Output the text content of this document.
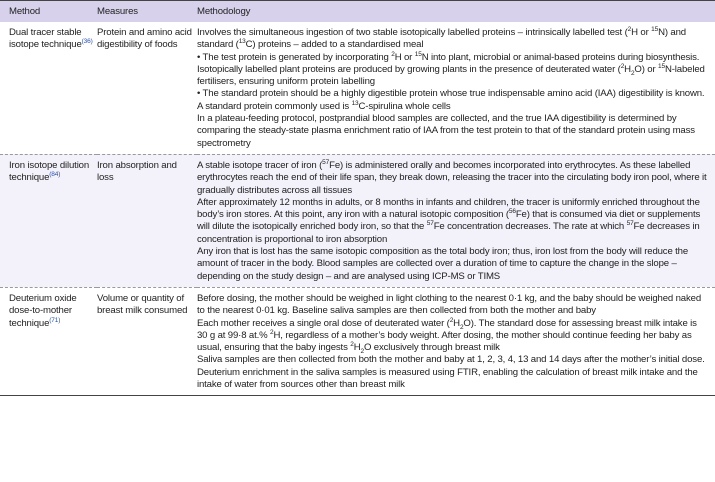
Method	Measures	Methodology
Dual tracer stable isotope technique$^{(36)}$	Protein and amino acid digestibility of foods	Involves the simultaneous ingestion of two stable isotopically labelled proteins – intrinsically labelled test ($^2$H or $^{15}$N) and standard ($^{13}$C) proteins – added to a standardised meal

• The test protein is generated by incorporating $^2$H or $^{15}$N into plant, microbial or animal-based proteins during biosynthesis. Isotopically labelled plant proteins are produced by growing plants in the presence of deuterated water $(^2H_2O)$ or $^{15}$N-labeled fertilisers, ensuring uniform protein labelling

• The standard protein should be a highly digestible protein whose true indispensable amino acid (IAA) digestibility is known. A standard protein commonly used is $^{13}$C-spirulina whole cells

In a plateau-feeding protocol, postprandial blood samples are collected, and the true IAA digestibility is determined by comparing the steady-state plasma enrichment ratio of IAA from the test protein to that of the standard protein using mass spectrometry

Iron isotope dilution technique$^{(84)}$	Iron absorption and loss	A stable isotope tracer of iron ($^{57}$Fe) is administered orally and becomes incorporated into erythrocytes. As these labelled erythrocytes reach the end of their life span, they break down, releasing the tracer into the circulating body iron pool, where it gradually distributes across all tissues

After approximately 12 months in adults, or 8 months in infants and children, the tracer is uniformly enriched throughout the body’s iron stores. At this point, any iron with a natural isotopic composition ($^{56}$Fe) that is consumed via diet or supplements will dilute the isotopically enriched body iron, so that the $^{57}$Fe concentration decreases. The rate at which $^{57}$Fe decreases in concentration is proportional to iron absorption

Any iron that is lost has the same isotopic composition as the total body iron; thus, iron lost from the body will reduce the amount of tracer in the body. Blood samples are collected over a duration of time to capture the change in the slope – depending on the study design – and are analysed using ICP-MS or TIMS

Deuterium oxide dose-to-mother technique$^{(71)}$	Volume or quantity of breast milk consumed	Before dosing, the mother should be weighed in light clothing to the nearest 0·1 kg, and the baby should be weighed naked to the nearest 0·01 kg. Baseline saliva samples are then collected from both the mother and baby

Each mother receives a single oral dose of deuterated water $(^2H_2O)$. The standard dose for assessing breast milk intake is 30 g at 99·8 at.% $^2$H, regardless of a mother’s body weight. After dosing, the mother should continue feeding her baby as usual, ensuring that the baby ingests $^2H_2O$ exclusively through breast milk

Saliva samples are then collected from both the mother and baby at 1, 2, 3, 4, 13 and 14 days after the mother’s initial dose. Deuterium enrichment in the saliva samples is measured using FTIR, enabling the calculation of breast milk intake and the intake of water from sources other than breast milk
